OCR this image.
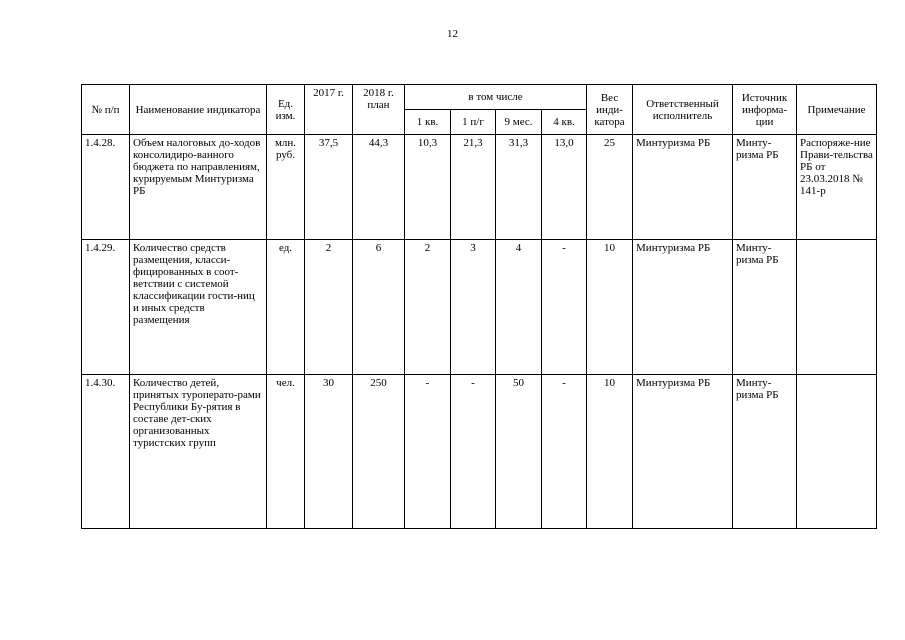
12
№ п/п	Наименование индикатора	Ед. изм.	2017 г.	2018 г. план	в том числе				Вес инди-катора	Ответственный исполнитель	Источник информа-ции	Примечание
					1 кв.	1 п/г	9 мес.	4 кв.				
1.4.28.	Объем налоговых до-ходов консолидиро-ванного бюджета по направлениям, курируемым Минтуризма РБ	млн. руб.	37,5	44,3	10,3	21,3	31,3	13,0	25	Минтуризма РБ	Минту-ризма РБ	Распоряже-ние Прави-тельства РБ от 23.03.2018 № 141-р
1.4.29.	Количество средств размещения, класси-фицированных в соот-ветствии с системой классификации гости-ниц и иных средств размещения	ед.	2	6	2	3	4	-	10	Минтуризма РБ	Минту-ризма РБ	
1.4.30.	Количество детей, принятых туроперато-рами Республики Бу-рятия в составе дет-ских организованных туристских групп	чел.	30	250	-	-	50	-	10	Минтуризма РБ	Минту-ризма РБ	
